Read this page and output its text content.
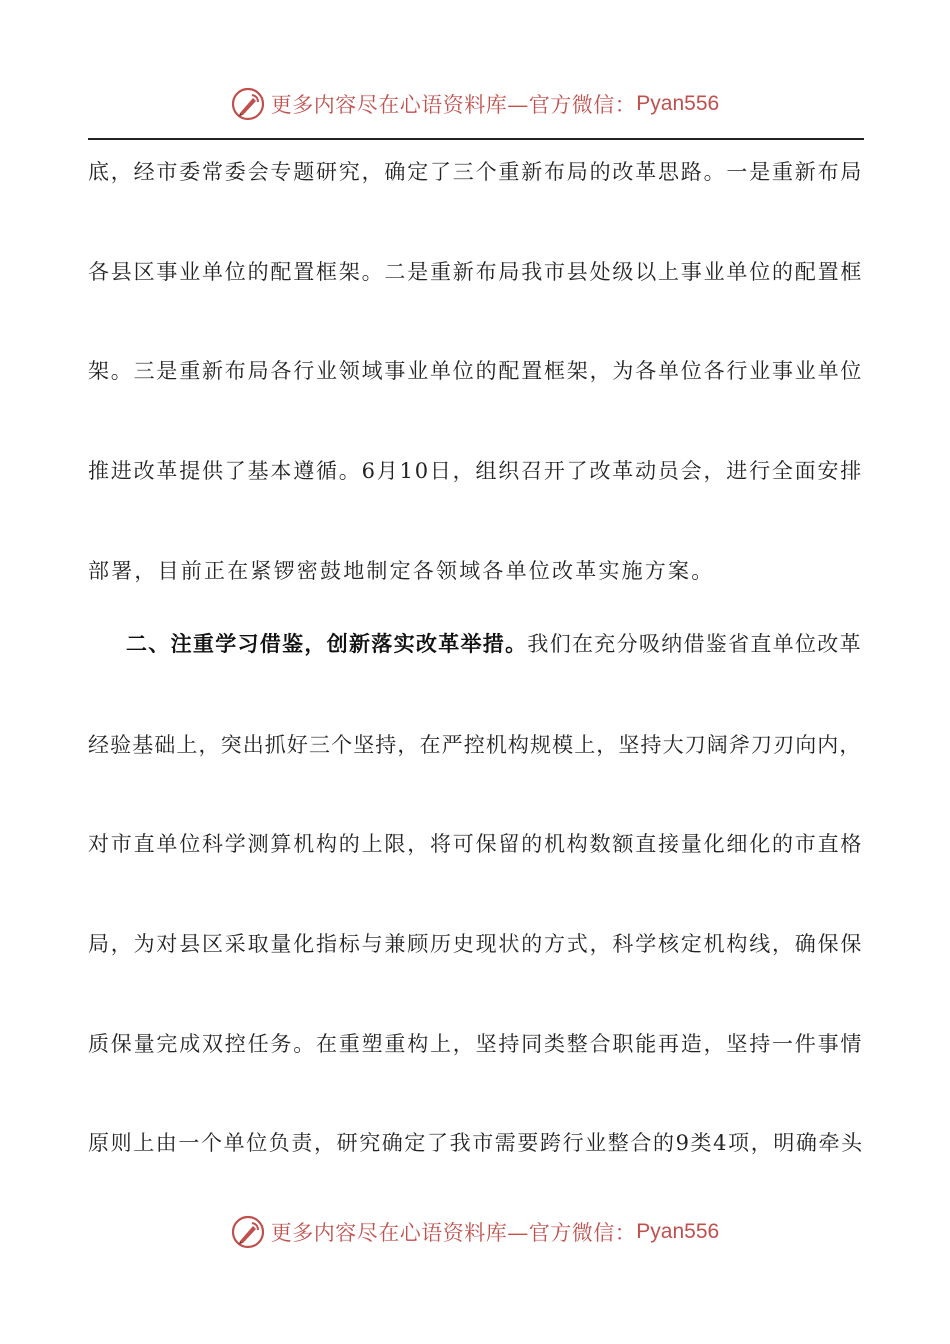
更多内容尽在心语资料库—官方微信： Pyan556
底，经市委常委会专题研究，确定了三个重新布局的改革思路。一是重新布局
各县区事业单位的配置框架。二是重新布局我市县处级以上事业单位的配置框
架。三是重新布局各行业领域事业单位的配置框架，为各单位各行业事业单位
推进改革提供了基本遵循。6月10日，组织召开了改革动员会，进行全面安排
部署，目前正在紧锣密鼓地制定各领域各单位改革实施方案。
二、注重学习借鉴，创新落实改革举措。我们在充分吸纳借鉴省直单位改革
经验基础上，突出抓好三个坚持，在严控机构规模上，坚持大刀阔斧刀刃向内，
对市直单位科学测算机构的上限，将可保留的机构数额直接量化细化的市直格
局，为对县区采取量化指标与兼顾历史现状的方式，科学核定机构线，确保保
质保量完成双控任务。在重塑重构上，坚持同类整合职能再造，坚持一件事情
原则上由一个单位负责，研究确定了我市需要跨行业整合的9类4项，明确牵头
更多内容尽在心语资料库—官方微信： Pyan556
